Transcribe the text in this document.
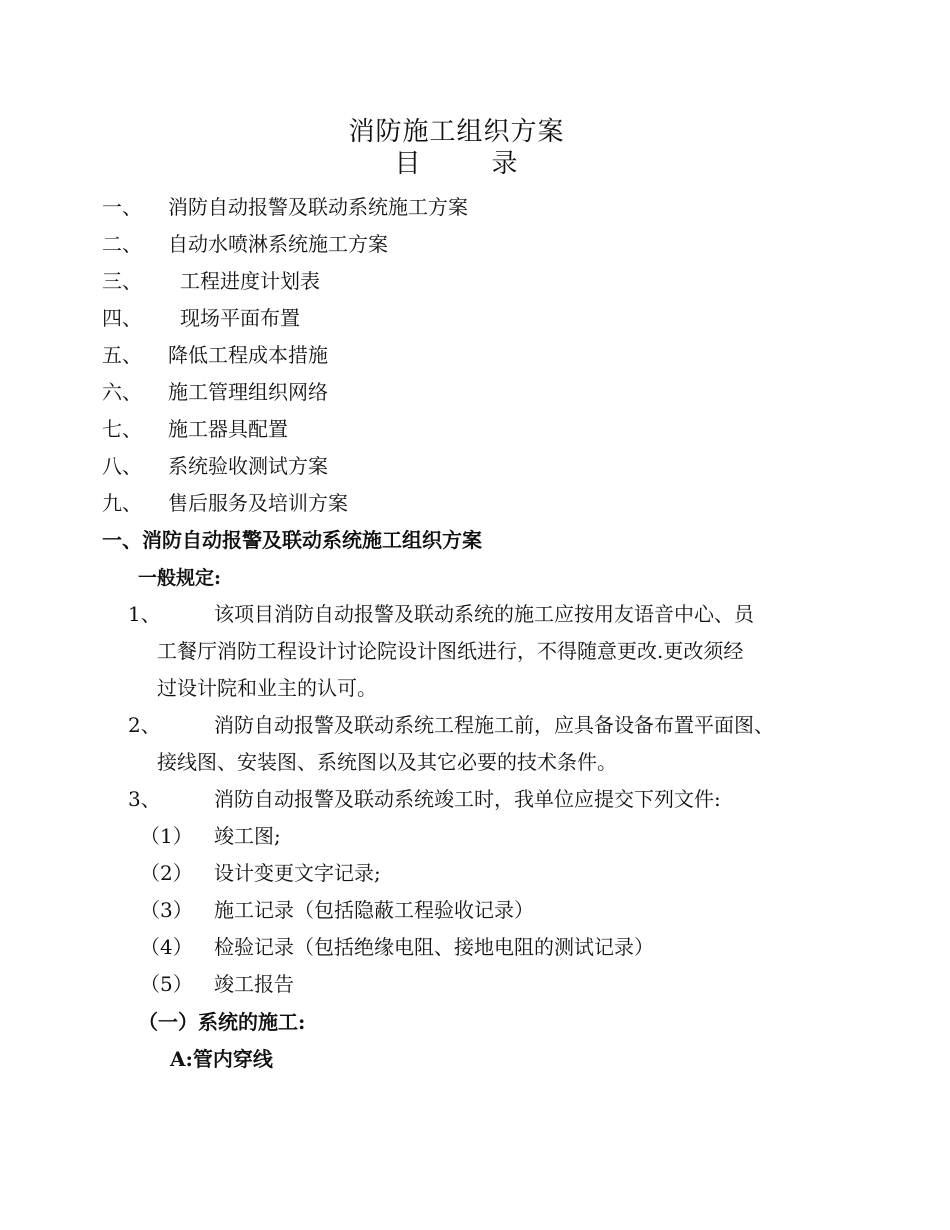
消防施工组织方案
目	录
一、 消防自动报警及联动系统施工方案
二、 自动水喷淋系统施工方案
三、 工程进度计划表
四、 现场平面布置
五、 降低工程成本措施
六、 施工管理组织网络
七、 施工器具配置
八、 系统验收测试方案
九、 售后服务及培训方案
一、消防自动报警及联动系统施工组织方案
一般规定:
1、	该项目消防自动报警及联动系统的施工应按用友语音中心、员
工餐厅消防工程设计讨论院设计图纸进行，不得随意更改.更改须经
过设计院和业主的认可。
2、	消防自动报警及联动系统工程施工前，应具备设备布置平面图、
接线图、安装图、系统图以及其它必要的技术条件。
3、	消防自动报警及联动系统竣工时，我单位应提交下列文件:
（1） 竣工图;
（2） 设计变更文字记录;
（3） 施工记录（包括隐蔽工程验收记录）
（4） 检验记录（包括绝缘电阻、接地电阻的测试记录）
（5） 竣工报告
（一）系统的施工:
A:管内穿线
